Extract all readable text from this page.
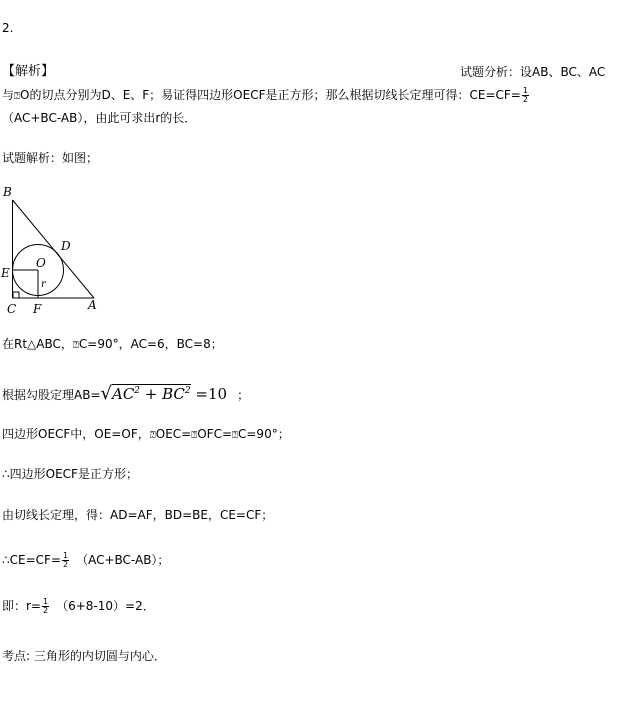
2.
【解析】	试题分析：设AB、BC、AC
与⍰O的切点分别为D、E、F；易证得四边形OECF是正方形；那么根据切线长定理可得：$CE=CF= \frac{1}{2}$
（AC+BC-AB），由此可求出r的长．
试题解析：如图；
B
D
E
O
r
C F	A
在Rt△ABC，⍰C=90°，AC=6，BC=8；
根据勾股定理$AB=√AC^2 + BC^2 =10$ ；
四边形OECF中，OE=OF，⍰OEC=⍰OFC=⍰C=90°；
∴四边形OECF是正方形；
由切线长定理，得：AD=AF，BD=BE，CE=CF；
∴CE=CF= $\frac{1}{2} (AC+BC-AB)$；
即：$r= \frac{1}{2} (6+8-10)=2$．
考点: 三角形的内切圆与内心．
